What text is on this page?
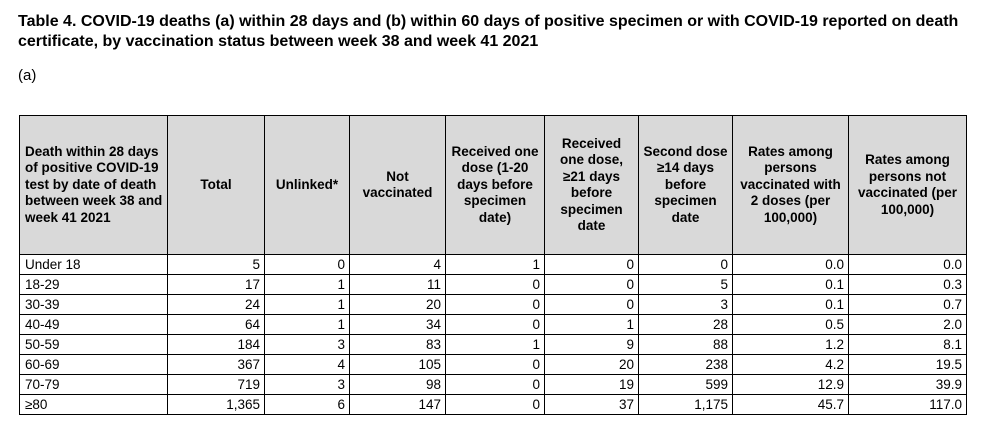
Table 4. COVID-19 deaths (a) within 28 days and (b) within 60 days of positive specimen or with COVID-19 reported on death certificate, by vaccination status between week 38 and week 41 2021
(a)
Death within 28 days of positive COVID-19 test by date of death between week 38 and week 41 2021	Total	Unlinked*	Not vaccinated	Received one dose (1-20 days before specimen date)	Received one dose, ≥21 days before specimen date	Second dose ≥14 days before specimen date	Rates among persons vaccinated with 2 doses (per 100,000)	Rates among persons not vaccinated (per 100,000)
Under 18	5	0	4	1	0	0	0.0	0.0
18-29	17	1	11	0	0	5	0.1	0.3
30-39	24	1	20	0	0	3	0.1	0.7
40-49	64	1	34	0	1	28	0.5	2.0
50-59	184	3	83	1	9	88	1.2	8.1
60-69	367	4	105	0	20	238	4.2	19.5
70-79	719	3	98	0	19	599	12.9	39.9
≥80	1,365	6	147	0	37	1,175	45.7	117.0
